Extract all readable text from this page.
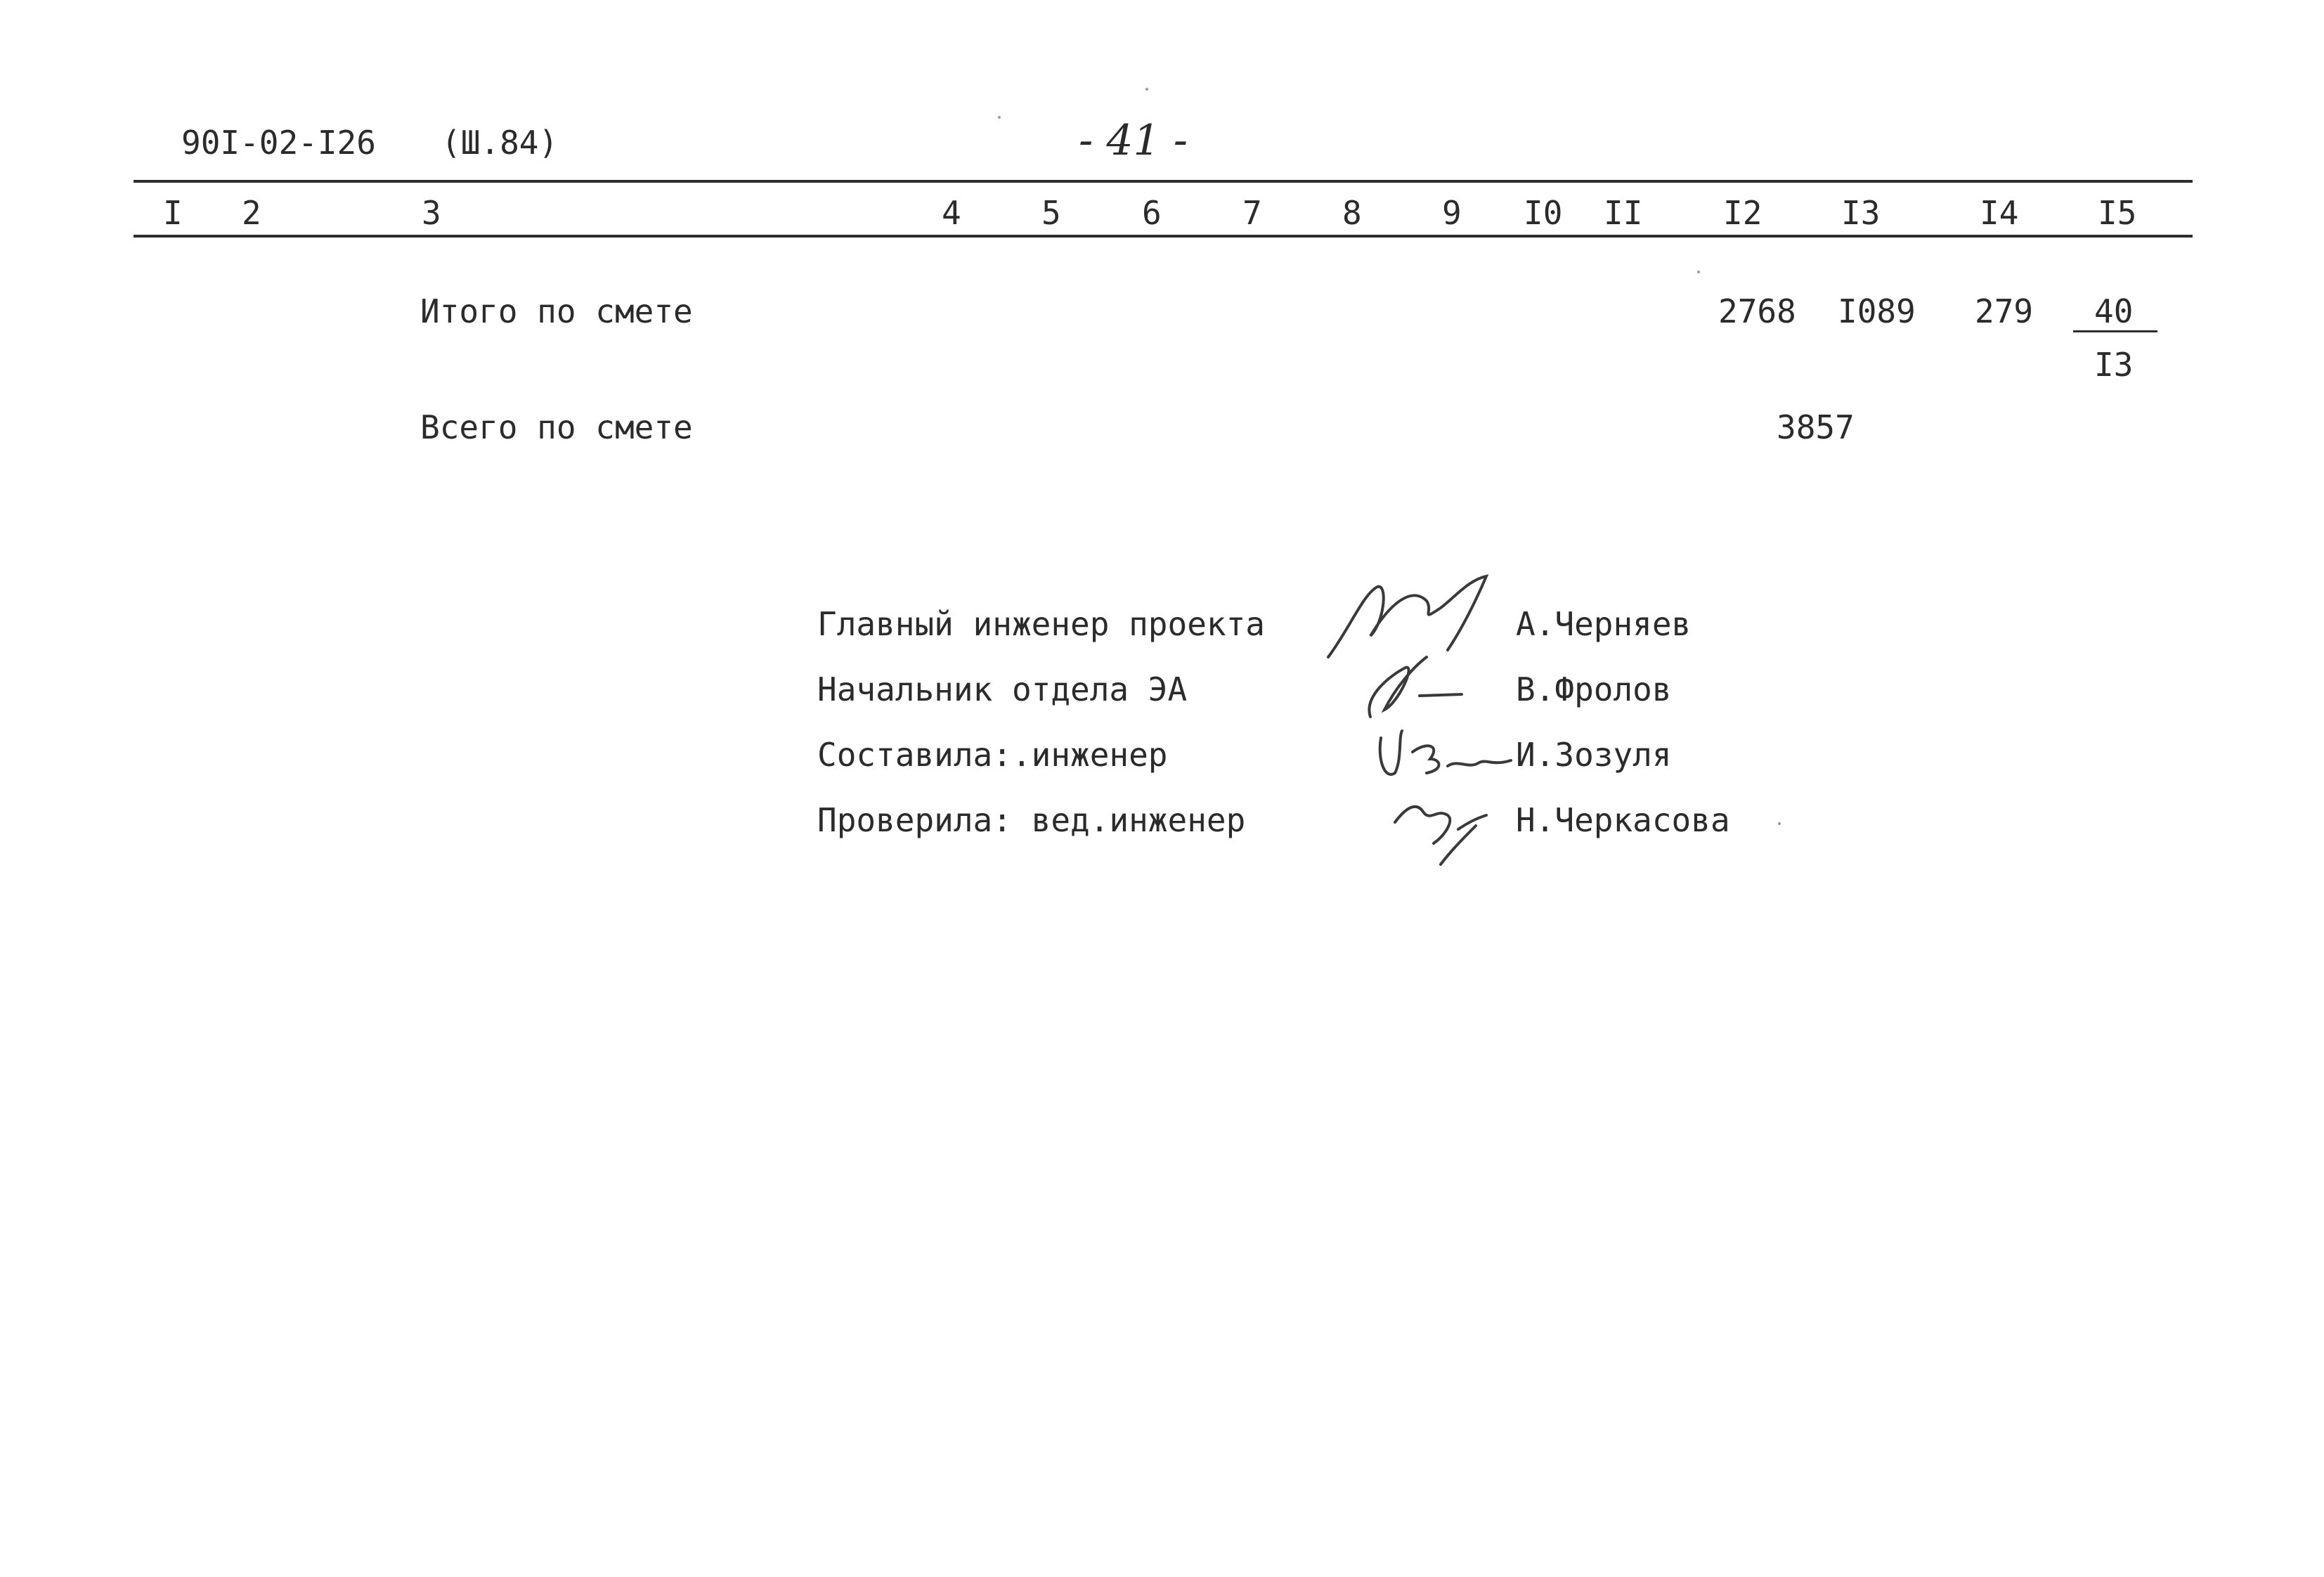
90I-02-I26 (Ш.84)	- 41 -
I 2	3	4 5	6	7 8 9 I0 II I2 I3	I4 I5
Итого по смете	2768 I089 279 40
I3
Всего по смете	3857
Главный инженер проекта	А.Черняев
Начальник отдела ЭА	В.Фролов
Составила:.инженер	И.Зозуля
Проверила: вед.инженер	Н.Черкасова
